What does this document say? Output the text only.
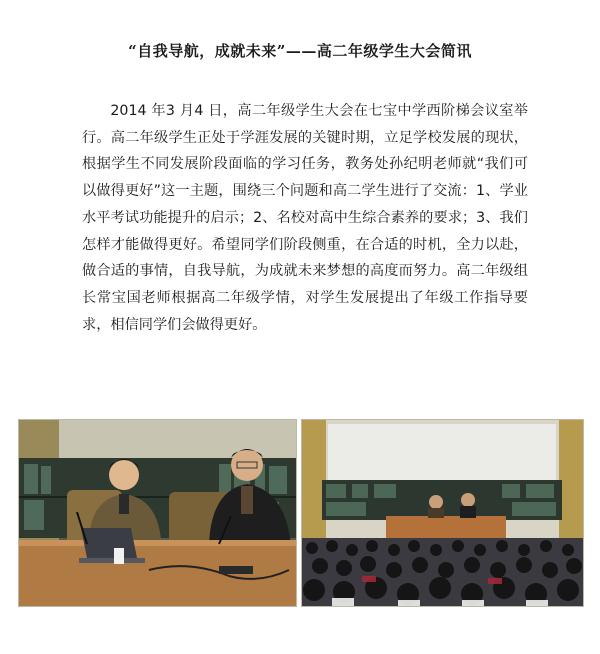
“自我导航，成就未来”——高二年级学生大会简讯

2014 年3 月4 日，高二年级学生大会在七宝中学西阶梯会议室举行。高二年级学生正处于学涯发展的关键时期，立足学校发展的现状，根据学生不同发展阶段面临的学习任务，教务处孙纪明老师就“我们可以做得更好”这一主题，围绕三个问题和高二学生进行了交流：1、学业水平考试功能提升的启示；2、名校对高中生综合素养的要求；3、我们怎样才能做得更好。希望同学们阶段侧重，在合适的时机，全力以赴，做合适的事情，自我导航，为成就未来梦想的高度而努力。高二年级组长常宝国老师根据高二年级学情，对学生发展提出了年级工作指导要求，相信同学们会做得更好。
